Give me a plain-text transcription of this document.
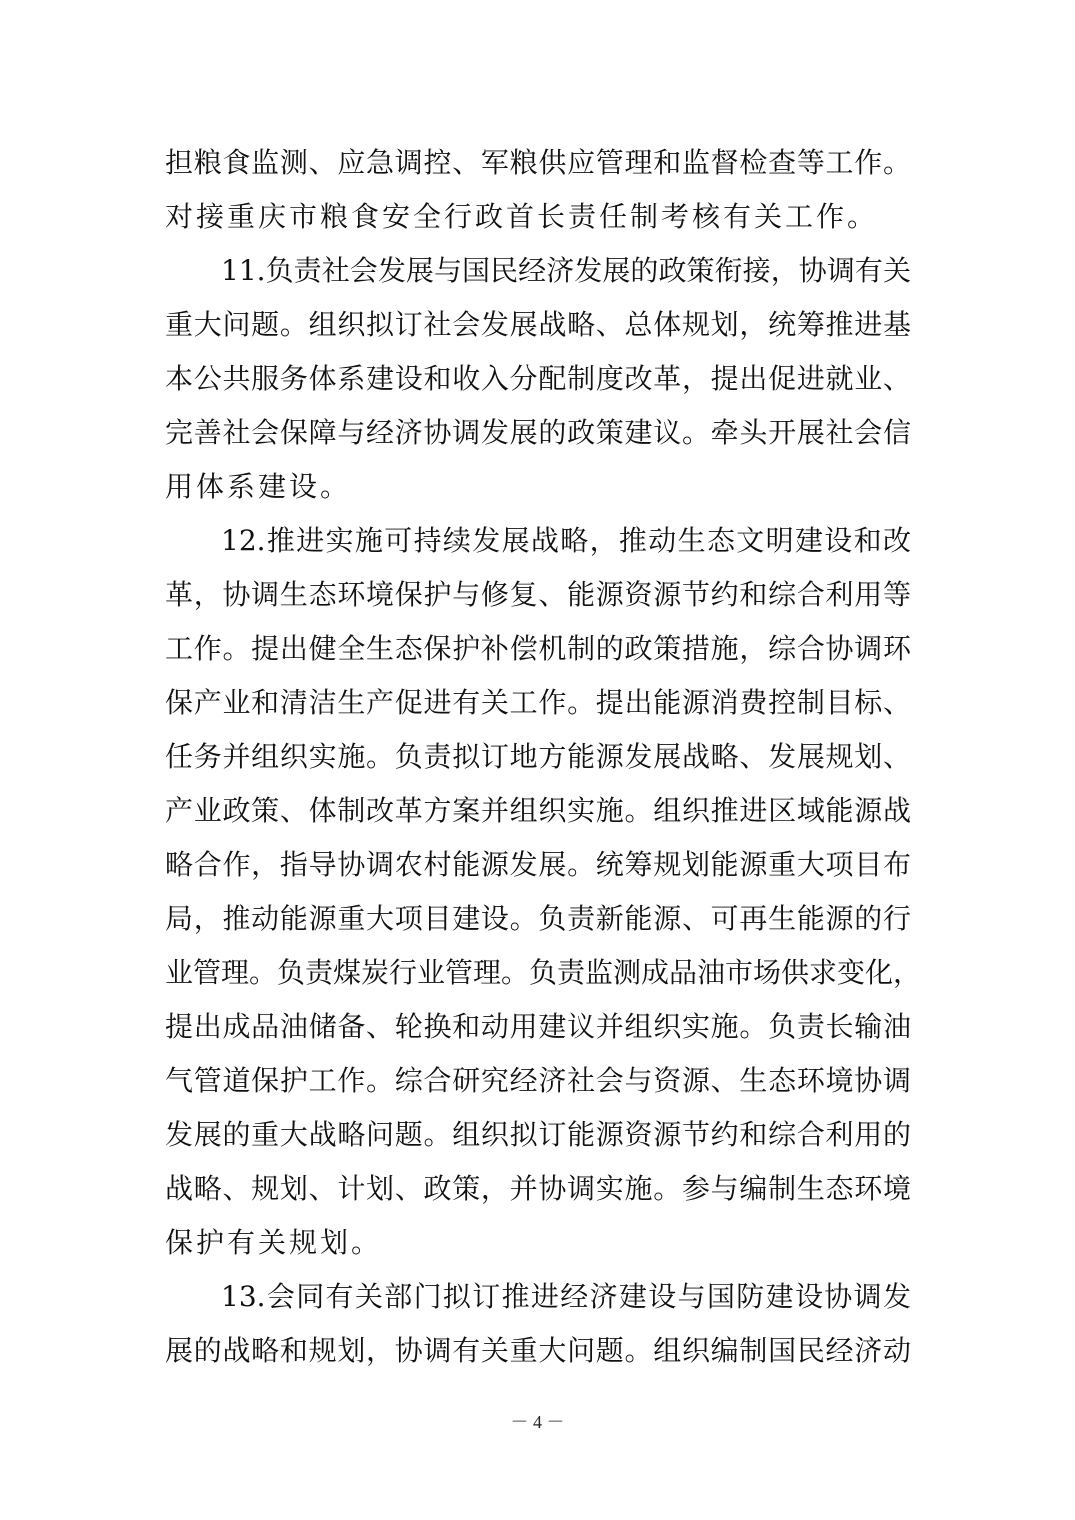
担粮食监测、应急调控、军粮供应管理和监督检查等工作。
对接重庆市粮食安全行政首长责任制考核有关工作。
11.负责社会发展与国民经济发展的政策衔接，协调有关
重大问题。组织拟订社会发展战略、总体规划，统筹推进基
本公共服务体系建设和收入分配制度改革，提出促进就业、
完善社会保障与经济协调发展的政策建议。牵头开展社会信
用体系建设。
12.推进实施可持续发展战略，推动生态文明建设和改
革，协调生态环境保护与修复、能源资源节约和综合利用等
工作。提出健全生态保护补偿机制的政策措施，综合协调环
保产业和清洁生产促进有关工作。提出能源消费控制目标、
任务并组织实施。负责拟订地方能源发展战略、发展规划、
产业政策、体制改革方案并组织实施。组织推进区域能源战
略合作，指导协调农村能源发展。统筹规划能源重大项目布
局，推动能源重大项目建设。负责新能源、可再生能源的行
业管理。负责煤炭行业管理。负责监测成品油市场供求变化，
提出成品油储备、轮换和动用建议并组织实施。负责长输油
气管道保护工作。综合研究经济社会与资源、生态环境协调
发展的重大战略问题。组织拟订能源资源节约和综合利用的
战略、规划、计划、政策，并协调实施。参与编制生态环境
保护有关规划。
13.会同有关部门拟订推进经济建设与国防建设协调发
展的战略和规划，协调有关重大问题。组织编制国民经济动
－ 4 －
